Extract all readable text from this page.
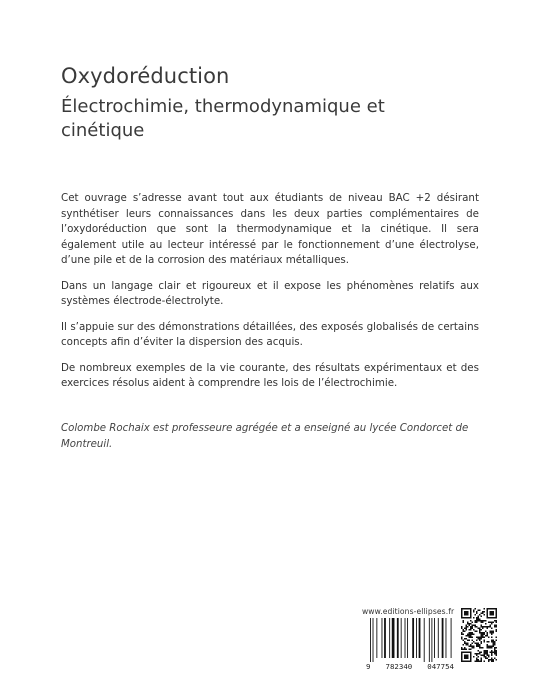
Oxydoréduction
Électrochimie, thermodynamique et cinétique

Cet ouvrage s’adresse avant tout aux étudiants de niveau BAC +2 désirant synthétiser leurs connaissances dans les deux parties complémentaires de l’oxydoréduction que sont la thermodynamique et la cinétique. Il sera également utile au lecteur intéressé par le fonctionnement d’une électrolyse, d’une pile et de la corrosion des matériaux métalliques.

Dans un langage clair et rigoureux et il expose les phénomènes relatifs aux systèmes électrode-électrolyte.

Il s’appuie sur des démonstrations détaillées, des exposés globalisés de certains concepts afin d’éviter la dispersion des acquis.

De nombreux exemples de la vie courante, des résultats expérimentaux et des exercices résolus aident à comprendre les lois de l’électrochimie.

Colombe Rochaix est professeure agrégée et a enseigné au lycée Condorcet de Montreuil.
www.editions-ellipses.fr
9 782340 047754
